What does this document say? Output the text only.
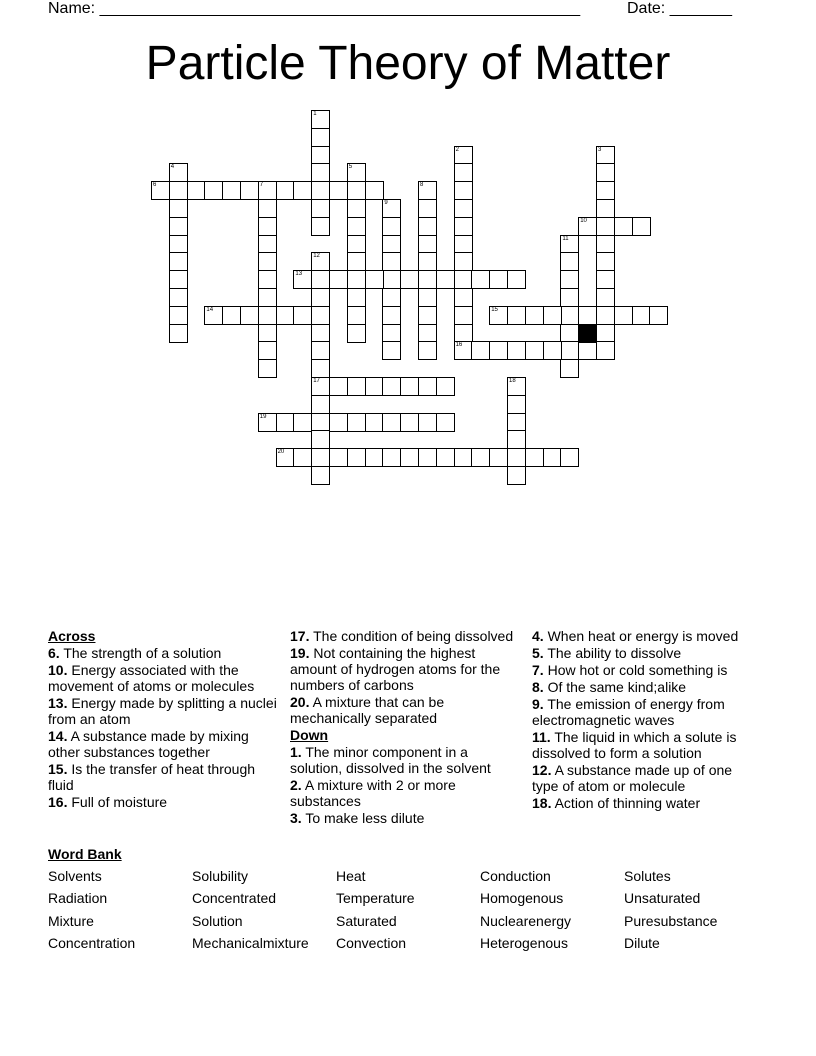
Name: ______________________________________________________	Date: _______
Particle Theory of Matter
1
2	3
4	5
6	7	8
9
10
11
12
17
13
14	15
16
18
19
20
Across
6. The strength of a solution
10. Energy associated with the movement of atoms or molecules
13. Energy made by splitting a nuclei from an atom
14. A substance made by mixing other substances together
15. Is the transfer of heat through fluid
16. Full of moisture
17. The condition of being dissolved
19. Not containing the highest amount of hydrogen atoms for the numbers of carbons
20. A mixture that can be mechanically separated
Down
1. The minor component in a solution, dissolved in the solvent
2. A mixture with 2 or more substances
3. To make less dilute
4. When heat or energy is moved
5. The ability to dissolve
7. How hot or cold something is
8. Of the same kind;alike
9. The emission of energy from electromagnetic waves
11. The liquid in which a solute is dissolved to form a solution
12. A substance made up of one type of atom or molecule
18. Action of thinning water
Word Bank
Solvents	Solubility	Heat	Conduction	Solutes
Radiation	Concentrated	Temperature	Homogenous	Unsaturated
Mixture	Solution	Saturated	Nuclearenergy	Puresubstance
Concentration	Mechanicalmixture Convection	Heterogenous	Dilute
